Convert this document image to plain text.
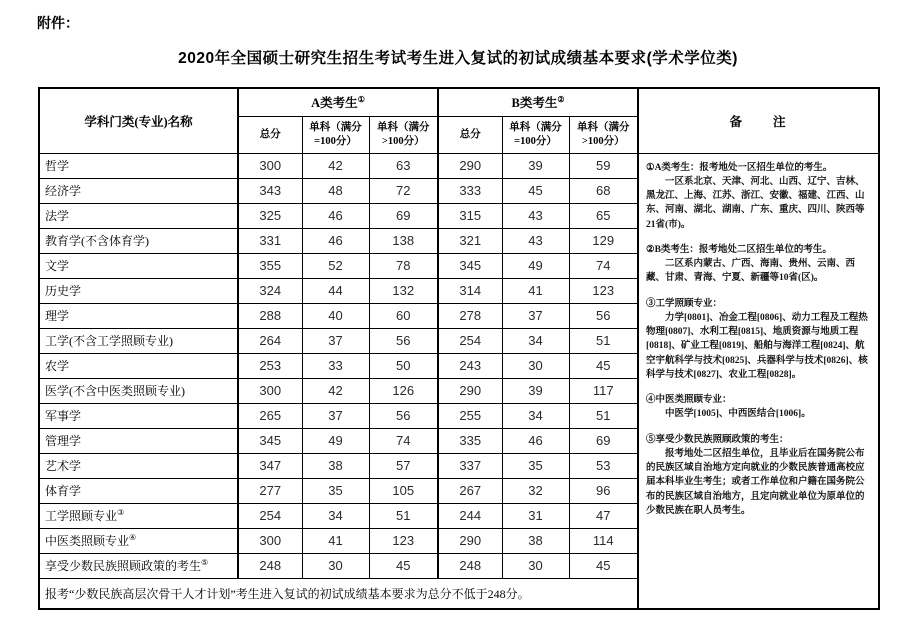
附件：
2020年全国硕士研究生招生考试考生进入复试的初试成绩基本要求(学术学位类)
学科门类(专业)名称	A类考生①			B类考生②			备　　注
	总分	单科（满分=100分）	单科（满分>100分）	总分	单科（满分=100分）	单科（满分>100分）	
哲学	300	42	63	290	39	59	①A类考生：报考地处一区招生单位的考生。
一区系北京、天津、河北、山西、辽宁、吉林、黑龙江、上海、江苏、浙江、安徽、福建、江西、山东、河南、湖北、湖南、广东、重庆、四川、陕西等21省(市)。
②B类考生：报考地处二区招生单位的考生。
二区系内蒙古、广西、海南、贵州、云南、西藏、甘肃、青海、宁夏、新疆等10省(区)。
③工学照顾专业：
力学[0801]、冶金工程[0806]、动力工程及工程热物理[0807]、水利工程[0815]、地质资源与地质工程[0818]、矿业工程[0819]、船舶与海洋工程[0824]、航空宇航科学与技术[0825]、兵器科学与技术[0826]、核科学与技术[0827]、农业工程[0828]。
④中医类照顾专业：
中医学[1005]、中西医结合[1006]。
⑤享受少数民族照顾政策的考生：
报考地处二区招生单位，且毕业后在国务院公布的民族区域自治地方定向就业的少数民族普通高校应届本科毕业生考生；或者工作单位和户籍在国务院公布的民族区域自治地方，且定向就业单位为原单位的少数民族在职人员考生。

经济学	343	48	72	333	45	68	
法学	325	46	69	315	43	65	
教育学(不含体育学)	331	46	138	321	43	129	
文学	355	52	78	345	49	74	
历史学	324	44	132	314	41	123	
理学	288	40	60	278	37	56	
工学(不含工学照顾专业)	264	37	56	254	34	51	
农学	253	33	50	243	30	45	
医学(不含中医类照顾专业)	300	42	126	290	39	117	
军事学	265	37	56	255	34	51	
管理学	345	49	74	335	46	69	
艺术学	347	38	57	337	35	53	
体育学	277	35	105	267	32	96	
工学照顾专业③	254	34	51	244	31	47	
中医类照顾专业④	300	41	123	290	38	114	
享受少数民族照顾政策的考生⑤	248	30	45	248	30	45	
报考“少数民族高层次骨干人才计划”考生进入复试的初试成绩基本要求为总分不低于248分。							
